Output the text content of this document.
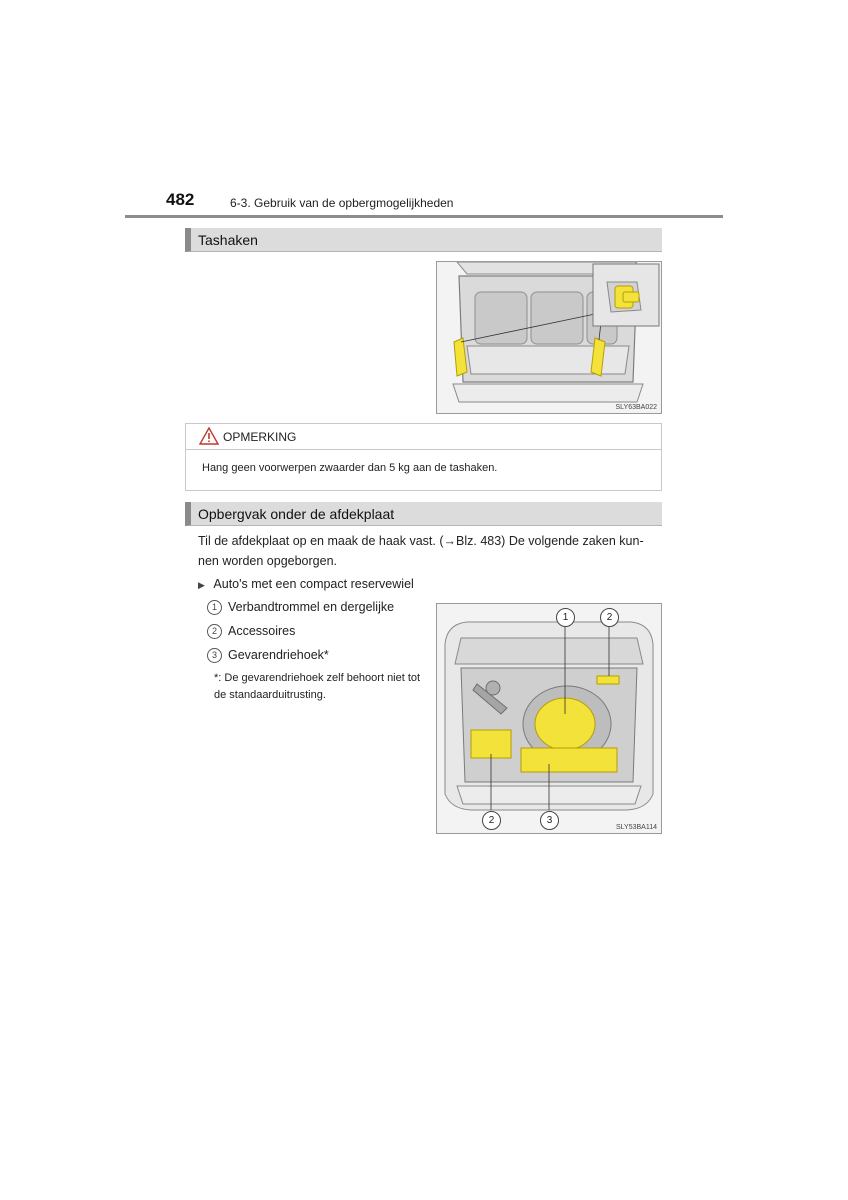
482	6-3. Gebruik van de opbergmogelijkheden
Tashaken
SLY63BA022
OPMERKING
Hang geen voorwerpen zwaarder dan 5 kg aan de tashaken.
Opbergvak onder de afdekplaat
Til de afdekplaat op en maak de haak vast. (→Blz. 483) De volgende zaken kun-
nen worden opgeborgen.
▶ Auto's met een compact reservewiel
1 Verbandtrommel en dergelijke
2 Accessoires
3 Gevarendriehoek*
*: De gevarendriehoek zelf behoort niet tot de standaarduitrusting.
1	2
2	3
SLY53BA114
